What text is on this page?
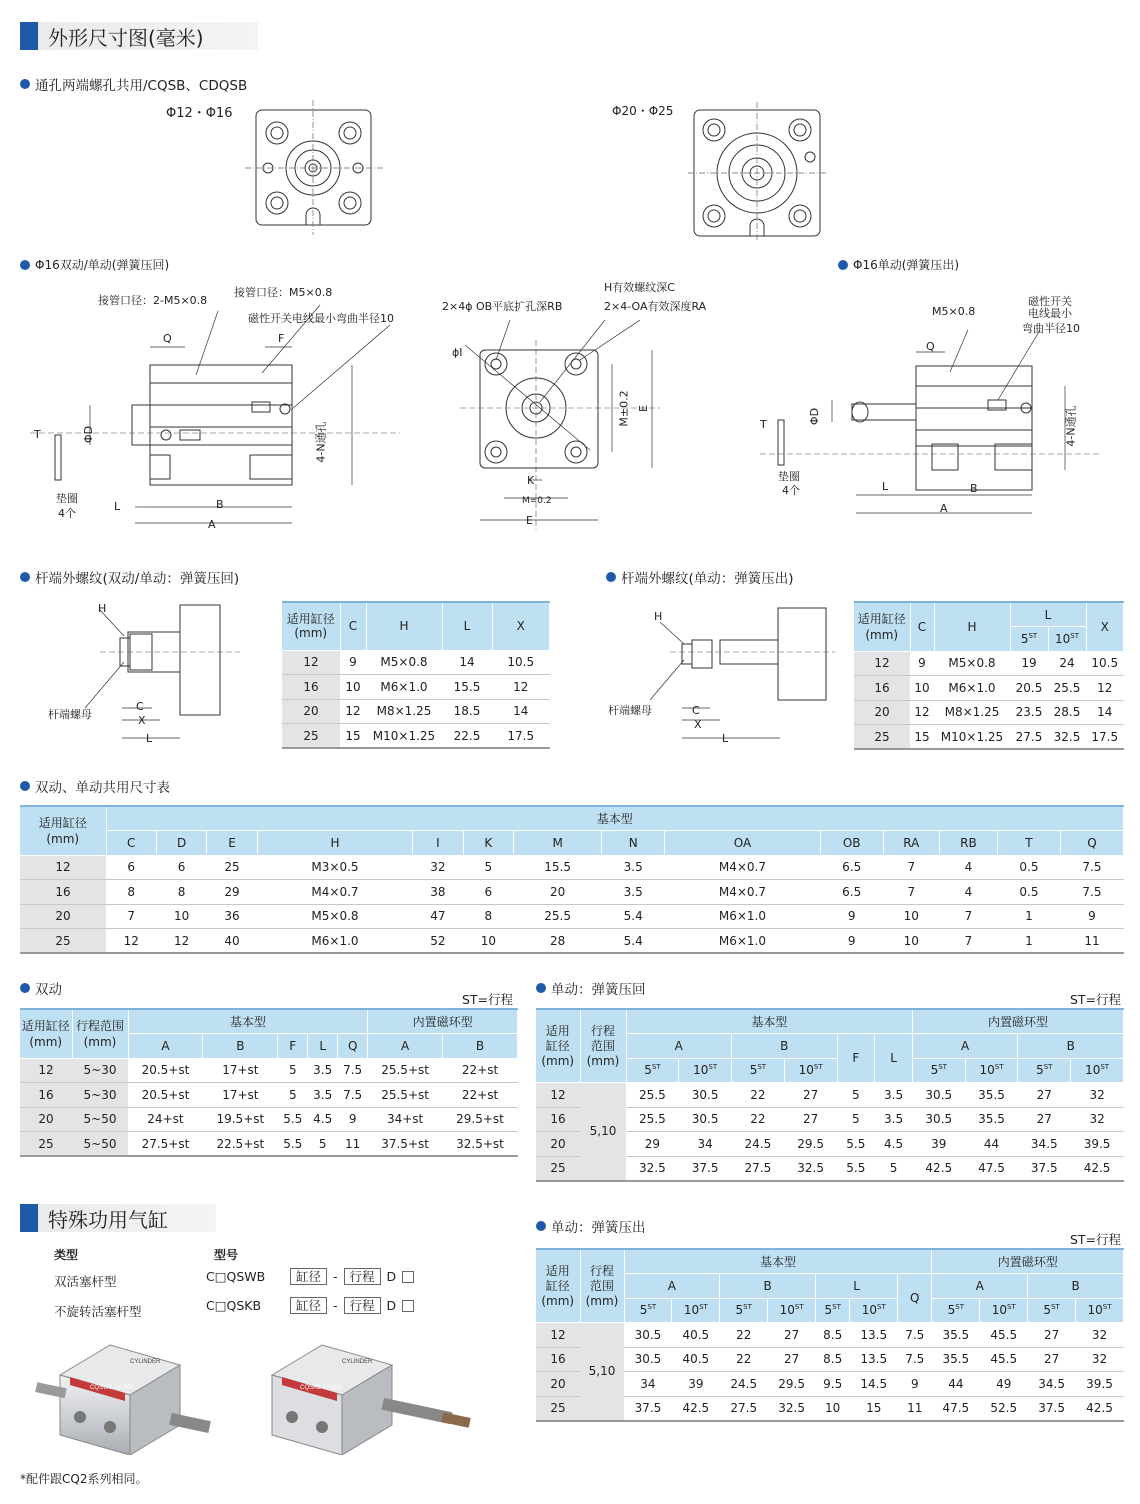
外形尺寸图(毫米)
通孔两端螺孔共用/CQSB、CDQSB
Φ12・Φ16	Φ20・Φ25
Φ16双动/单动(弹簧压回)	Φ16单动(弹簧压出)
接管口径：2-M5×0.8
接管口径：M5×0.8
磁性开关电线最小弯曲半径10
Q	F
T	ΦD	4-N通孔
垫圈
4个
L	B
A
2×4ϕ OB平底扩孔深RB
H有效螺纹深C
2×4-OA有效深度RA
ϕI
M±0.2 E
K
M=0.2
E
M5×0.8
磁性开关
电线最小
弯曲半径10
Q
T	ΦD	4-N通孔
垫圈
4个	L	B
A
杆端外螺纹(双动/单动：弹簧压回)	杆端外螺纹(单动：弹簧压出)
H
杆端螺母
C
X
L
H
杆端螺母	C
X
L
适用缸径
(mm)	C	H	L	X
12	9	M5×0.8	14	10.5
16	10	M6×1.0	15.5	12
20	12	M8×1.25	18.5	14
25	15	M10×1.25	22.5	17.5
适用缸径
(mm)	C	H	L		X
			5ST	10ST
12	9	M5×0.8	19	24	10.5
16	10	M6×1.0	20.5	25.5	12
20	12	M8×1.25	23.5	28.5	14
25	15	M10×1.25	27.5	32.5	17.5
双动、单动共用尺寸表
适用缸径
(mm)	基本型													
	C	D	E	H	I	K	M	N	OA	OB	RA	RB	T	Q
12	6	6	25	M3×0.5	32	5	15.5	3.5	M4×0.7	6.5	7	4	0.5	7.5
16	8	8	29	M4×0.7	38	6	20	3.5	M4×0.7	6.5	7	4	0.5	7.5
20	7	10	36	M5×0.8	47	8	25.5	5.4	M6×1.0	9	10	7	1	9
25	12	12	40	M6×1.0	52	10	28	5.4	M6×1.0	9	10	7	1	11
双动
ST=行程
适用缸径
(mm)	行程范围
(mm)	基本型					内置磁环型	
		A	B	F	L	Q	A	B
12	5~30	20.5+st	17+st	5	3.5	7.5	25.5+st	22+st
16	5~30	20.5+st	17+st	5	3.5	7.5	25.5+st	22+st
20	5~50	24+st	19.5+st	5.5	4.5	9	34+st	29.5+st
25	5~50	27.5+st	22.5+st	5.5	5	11	37.5+st	32.5+st
单动：弹簧压回
ST=行程
适用
缸径
(mm)	行程
范围
(mm)	基本型						内置磁环型			
		A		B		F	L	A		B	
		5ST	10ST	5ST	10ST			5ST	10ST	5ST	10ST
12	5,10	25.5	30.5	22	27	5	3.5	30.5	35.5	27	32
16		25.5	30.5	22	27	5	3.5	30.5	35.5	27	32
20		29	34	24.5	29.5	5.5	4.5	39	44	34.5	39.5
25		32.5	37.5	27.5	32.5	5.5	5	42.5	47.5	37.5	42.5
特殊功用气缸
类型	型号
双活塞杆型
不旋转活塞杆型
C□QSWB	缸径 - 行程 D
C□QSKB	缸径 - 行程 D
CQSWB 12-20D
CYLINDER
CQSKB 12-20D
CYLINDER
*配件跟CQ2系列相同。
单动：弹簧压出
ST=行程
适用
缸径
(mm)	行程
范围
(mm)	基本型							内置磁环型			
		A		B		L		Q	A		B	
		5ST	10ST	5ST	10ST	5ST	10ST		5ST	10ST	5ST	10ST
12	5,10	30.5	40.5	22	27	8.5	13.5	7.5	35.5	45.5	27	32
16		30.5	40.5	22	27	8.5	13.5	7.5	35.5	45.5	27	32
20		34	39	24.5	29.5	9.5	14.5	9	44	49	34.5	39.5
25		37.5	42.5	27.5	32.5	10	15	11	47.5	52.5	37.5	42.5
